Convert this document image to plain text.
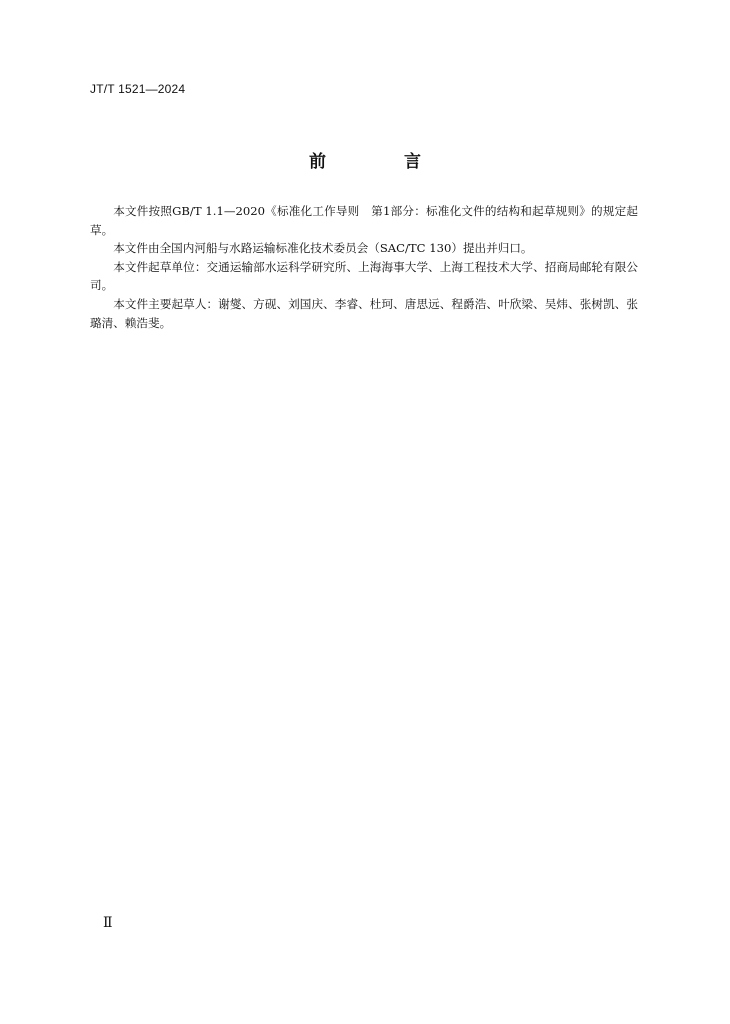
JT/T 1521—2024
前 言

本文件按照GB/T 1.1—2020《标准化工作导则　第1部分：标准化文件的结构和起草规则》的规定起草。

本文件由全国内河船与水路运输标准化技术委员会（SAC/TC 130）提出并归口。

本文件起草单位：交通运输部水运科学研究所、上海海事大学、上海工程技术大学、招商局邮轮有限公司。

本文件主要起草人：谢燮、方砚、刘国庆、李睿、杜珂、唐思远、程爵浩、叶欣梁、吴炜、张树凯、张璐清、赖浩斐。

Ⅱ
